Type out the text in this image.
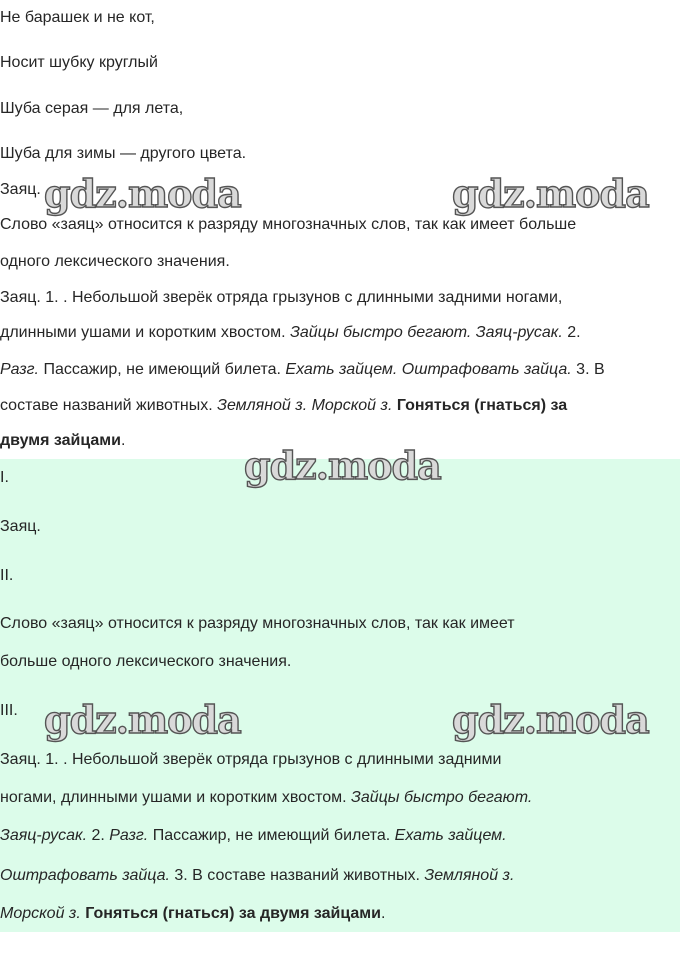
Не барашек и не кот,
Носит шубку круглый
Шуба серая — для лета,
Шуба для зимы — другого цвета.
Заяц.
Слово «заяц» относится к разряду многозначных слов, так как имеет больше
одного лексического значения.
Заяц. 1. . Небольшой зверёк отряда грызунов с длинными задними ногами,
длинными ушами и коротким хвостом. Зайцы быстро бегают. Заяц-русак. 2.
Разг. Пассажир, не имеющий билета. Ехать зайцем. Оштрафовать зайца. 3. В
составе названий животных. Земляной з. Морской з. Гоняться (гнаться) за
двумя зайцами.
I.
Заяц.
II.
Слово «заяц» относится к разряду многозначных слов, так как имеет
больше одного лексического значения.
III.
Заяц. 1. . Небольшой зверёк отряда грызунов с длинными задними
ногами, длинными ушами и коротким хвостом. Зайцы быстро бегают.
Заяц-русак. 2. Разг. Пассажир, не имеющий билета. Ехать зайцем.
Оштрафовать зайца. 3. В составе названий животных. Земляной з.
Морской з. Гоняться (гнаться) за двумя зайцами.
gdz.moda	gdz.moda
gdz.moda
gdz.moda	gdz.moda
